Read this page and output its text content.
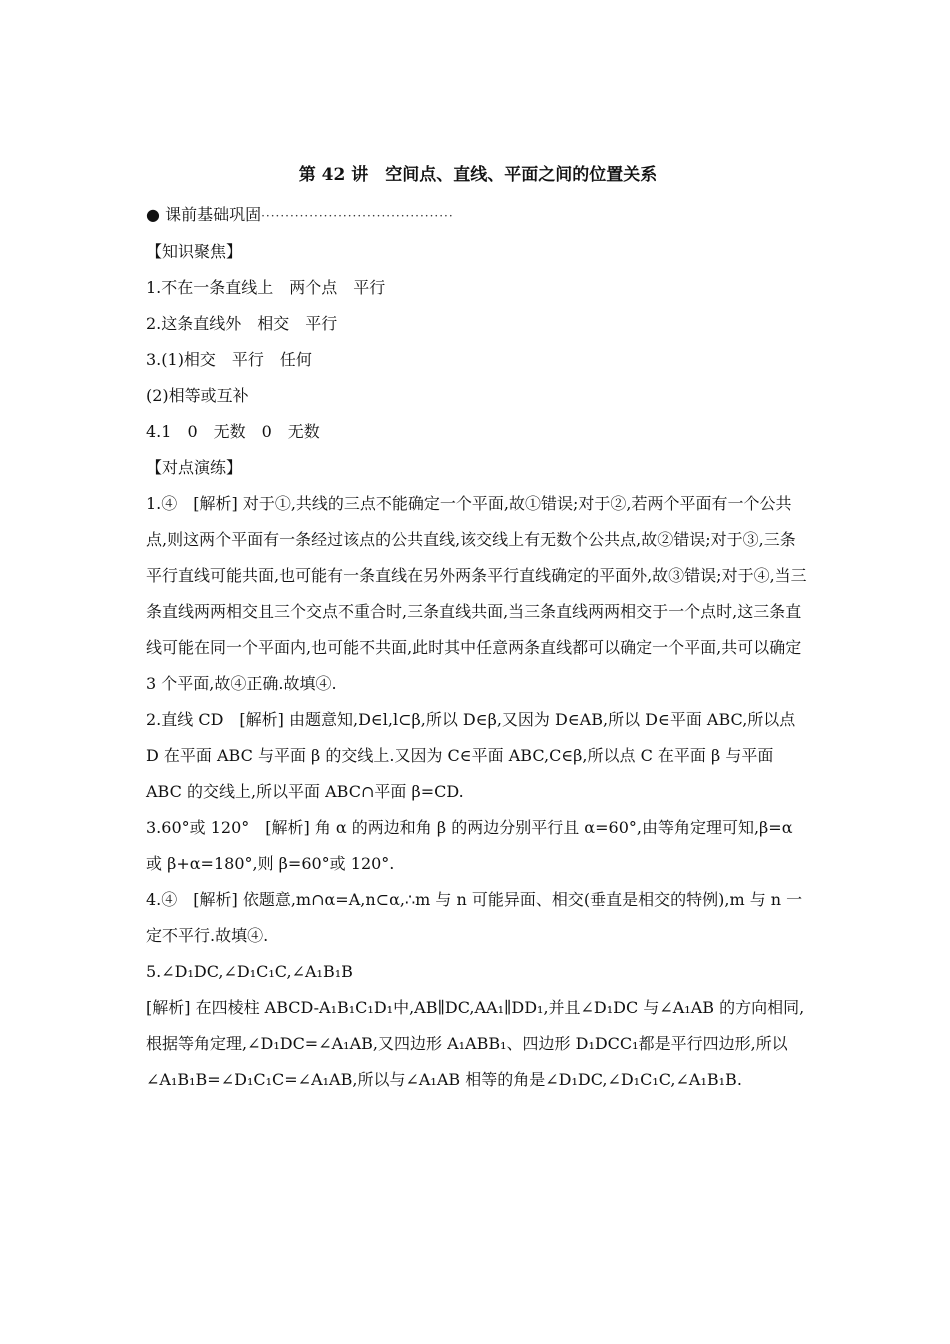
第 42 讲　空间点、直线、平面之间的位置关系

● 课前基础巩固········································

【知识聚焦】

1.不在一条直线上　两个点　平行

2.这条直线外　相交　平行

3.(1)相交　平行　任何

(2)相等或互补

4.1　0　无数　0　无数

【对点演练】

1.④　[解析] 对于①,共线的三点不能确定一个平面,故①错误;对于②,若两个平面有一个公共点,则这两个平面有一条经过该点的公共直线,该交线上有无数个公共点,故②错误;对于③,三条平行直线可能共面,也可能有一条直线在另外两条平行直线确定的平面外,故③错误;对于④,当三条直线两两相交且三个交点不重合时,三条直线共面,当三条直线两两相交于一个点时,这三条直线可能在同一个平面内,也可能不共面,此时其中任意两条直线都可以确定一个平面,共可以确定 3 个平面,故④正确.故填④.

2.直线 CD　[解析] 由题意知,D∈l,l⊂β,所以 D∈β,又因为 D∈AB,所以 D∈平面 ABC,所以点 D 在平面 ABC 与平面 β 的交线上.又因为 C∈平面 ABC,C∈β,所以点 C 在平面 β 与平面 ABC 的交线上,所以平面 ABC∩平面 β=CD.

3.60°或 120°　[解析] 角 α 的两边和角 β 的两边分别平行且 α=60°,由等角定理可知,β=α 或 β+α=180°,则 β=60°或 120°.

4.④　[解析] 依题意,m∩α=A,n⊂α,∴m 与 n 可能异面、相交(垂直是相交的特例),m 与 n 一定不平行.故填④.

5.∠D₁DC,∠D₁C₁C,∠A₁B₁B

[解析] 在四棱柱 ABCD-A₁B₁C₁D₁中,AB∥DC,AA₁∥DD₁,并且∠D₁DC 与∠A₁AB 的方向相同,根据等角定理,∠D₁DC=∠A₁AB,又四边形 A₁ABB₁、四边形 D₁DCC₁都是平行四边形,所以∠A₁B₁B=∠D₁C₁C=∠A₁AB,所以与∠A₁AB 相等的角是∠D₁DC,∠D₁C₁C,∠A₁B₁B.
